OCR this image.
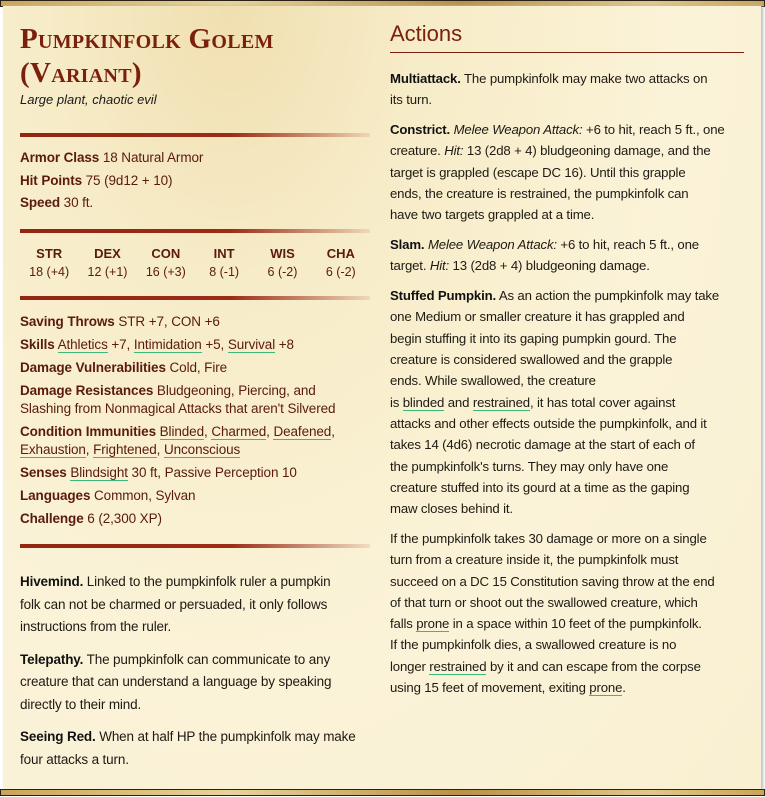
Pumpkinfolk Golem
(Variant)
Large plant, chaotic evil
Armor Class 18 Natural Armor
Hit Points 75 (9d12 + 10)
Speed 30 ft.
STR
18 (+4)
DEX
12 (+1)
CON
16 (+3)
INT
8 (-1)
WIS
6 (-2)
CHA
6 (-2)
Saving Throws STR +7, CON +6
Skills Athletics +7, Intimidation +5, Survival +8
Damage Vulnerabilities Cold, Fire
Damage Resistances Bludgeoning, Piercing, and
Slashing from Nonmagical Attacks that aren't Silvered
Condition Immunities Blinded, Charmed, Deafened,
Exhaustion, Frightened, Unconscious
Senses Blindsight 30 ft, Passive Perception 10
Languages Common, Sylvan
Challenge 6 (2,300 XP)
Hivemind. Linked to the pumpkinfolk ruler a pumpkin
folk can not be charmed or persuaded, it only follows
instructions from the ruler.
Telepathy. The pumpkinfolk can communicate to any
creature that can understand a language by speaking
directly to their mind.
Seeing Red. When at half HP the pumpkinfolk may make
four attacks a turn.
Actions
Multiattack. The pumpkinfolk may make two attacks on
its turn.
Constrict. Melee Weapon Attack: +6 to hit, reach 5 ft., one
creature. Hit: 13 (2d8 + 4) bludgeoning damage, and the
target is grappled (escape DC 16). Until this grapple
ends, the creature is restrained, the pumpkinfolk can
have two targets grappled at a time.
Slam. Melee Weapon Attack: +6 to hit, reach 5 ft., one
target. Hit: 13 (2d8 + 4) bludgeoning damage.
Stuffed Pumpkin. As an action the pumpkinfolk may take
one Medium or smaller creature it has grappled and
begin stuffing it into its gaping pumpkin gourd. The
creature is considered swallowed and the grapple
ends. While swallowed, the creature
is blinded and restrained, it has total cover against
attacks and other effects outside the pumpkinfolk, and it
takes 14 (4d6) necrotic damage at the start of each of
the pumpkinfolk's turns. They may only have one
creature stuffed into its gourd at a time as the gaping
maw closes behind it.
If the pumpkinfolk takes 30 damage or more on a single
turn from a creature inside it, the pumpkinfolk must
succeed on a DC 15 Constitution saving throw at the end
of that turn or shoot out the swallowed creature, which
falls prone in a space within 10 feet of the pumpkinfolk.
If the pumpkinfolk dies, a swallowed creature is no
longer restrained by it and can escape from the corpse
using 15 feet of movement, exiting prone.
